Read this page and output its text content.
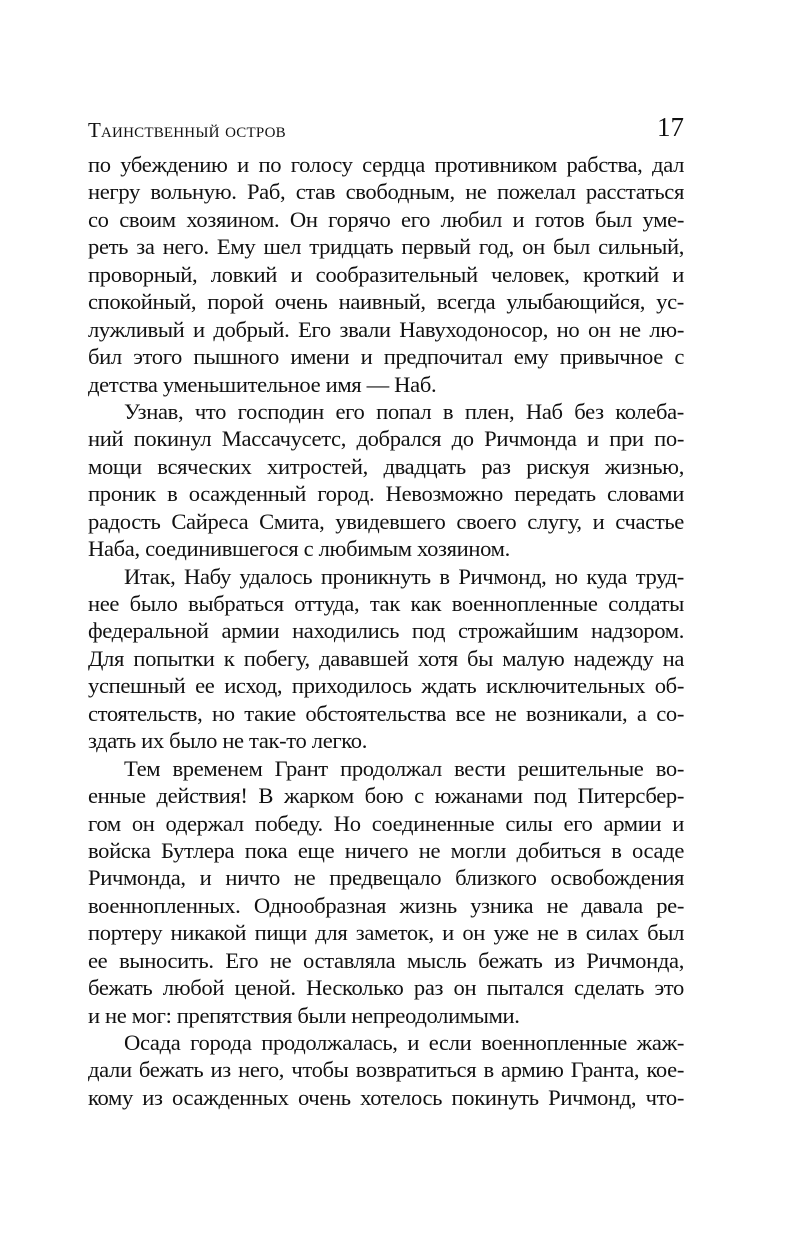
Таинственный остров	17
по убеждению и по голосу сердца противником рабства, дал
негру вольную. Раб, став свободным, не пожелал расстаться
со своим хозяином. Он горячо его любил и готов был уме-
реть за него. Ему шел тридцать первый год, он был сильный,
проворный, ловкий и сообразительный человек, кроткий и
спокойный, порой очень наивный, всегда улыбающийся, ус-
лужливый и добрый. Его звали Навуходоносор, но он не лю-
бил этого пышного имени и предпочитал ему привычное с
детства уменьшительное имя — Наб.
Узнав, что господин его попал в плен, Наб без колеба-
ний покинул Массачусетс, добрался до Ричмонда и при по-
мощи всяческих хитростей, двадцать раз рискуя жизнью,
проник в осажденный город. Невозможно передать словами
радость Сайреса Смита, увидевшего своего слугу, и счастье
Наба, соединившегося с любимым хозяином.
Итак, Набу удалось проникнуть в Ричмонд, но куда труд-
нее было выбраться оттуда, так как военнопленные солдаты
федеральной армии находились под строжайшим надзором.
Для попытки к побегу, дававшей хотя бы малую надежду на
успешный ее исход, приходилось ждать исключительных об-
стоятельств, но такие обстоятельства все не возникали, а со-
здать их было не так-то легко.
Тем временем Грант продолжал вести решительные во-
енные действия! В жарком бою с южанами под Питерсбер-
гом он одержал победу. Но соединенные силы его армии и
войска Бутлера пока еще ничего не могли добиться в осаде
Ричмонда, и ничто не предвещало близкого освобождения
военнопленных. Однообразная жизнь узника не давала ре-
портеру никакой пищи для заметок, и он уже не в силах был
ее выносить. Его не оставляла мысль бежать из Ричмонда,
бежать любой ценой. Несколько раз он пытался сделать это
и не мог: препятствия были непреодолимыми.
Осада города продолжалась, и если военнопленные жаж-
дали бежать из него, чтобы возвратиться в армию Гранта, кое-
кому из осажденных очень хотелось покинуть Ричмонд, что-
